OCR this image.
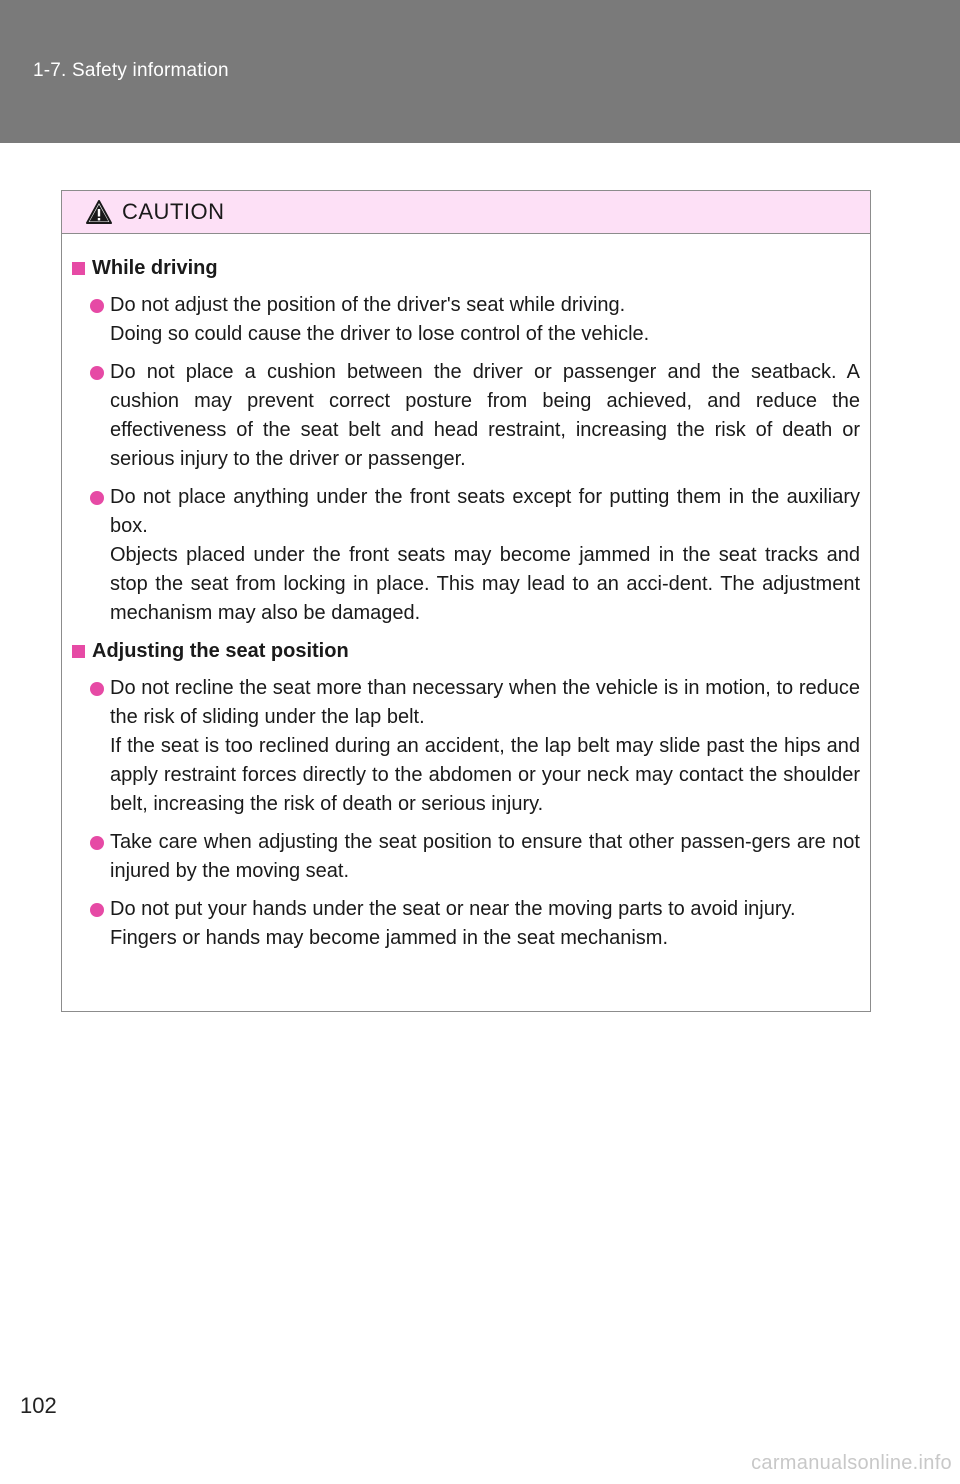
1-7. Safety information
CAUTION
While driving

Do not adjust the position of the driver's seat while driving.

Doing so could cause the driver to lose control of the vehicle.

Do not place a cushion between the driver or passenger and the seatback. A cushion may prevent correct posture from being achieved, and reduce the effectiveness of the seat belt and head restraint, increasing the risk of death or serious injury to the driver or passenger.

Do not place anything under the front seats except for putting them in the auxiliary box.

Objects placed under the front seats may become jammed in the seat tracks and stop the seat from locking in place. This may lead to an acci-dent. The adjustment mechanism may also be damaged.

Adjusting the seat position

Do not recline the seat more than necessary when the vehicle is in motion, to reduce the risk of sliding under the lap belt.

If the seat is too reclined during an accident, the lap belt may slide past the hips and apply restraint forces directly to the abdomen or your neck may contact the shoulder belt, increasing the risk of death or serious injury.

Take care when adjusting the seat position to ensure that other passen-gers are not injured by the moving seat.

Do not put your hands under the seat or near the moving parts to avoid injury.

Fingers or hands may become jammed in the seat mechanism.

102
carmanualsonline.info
